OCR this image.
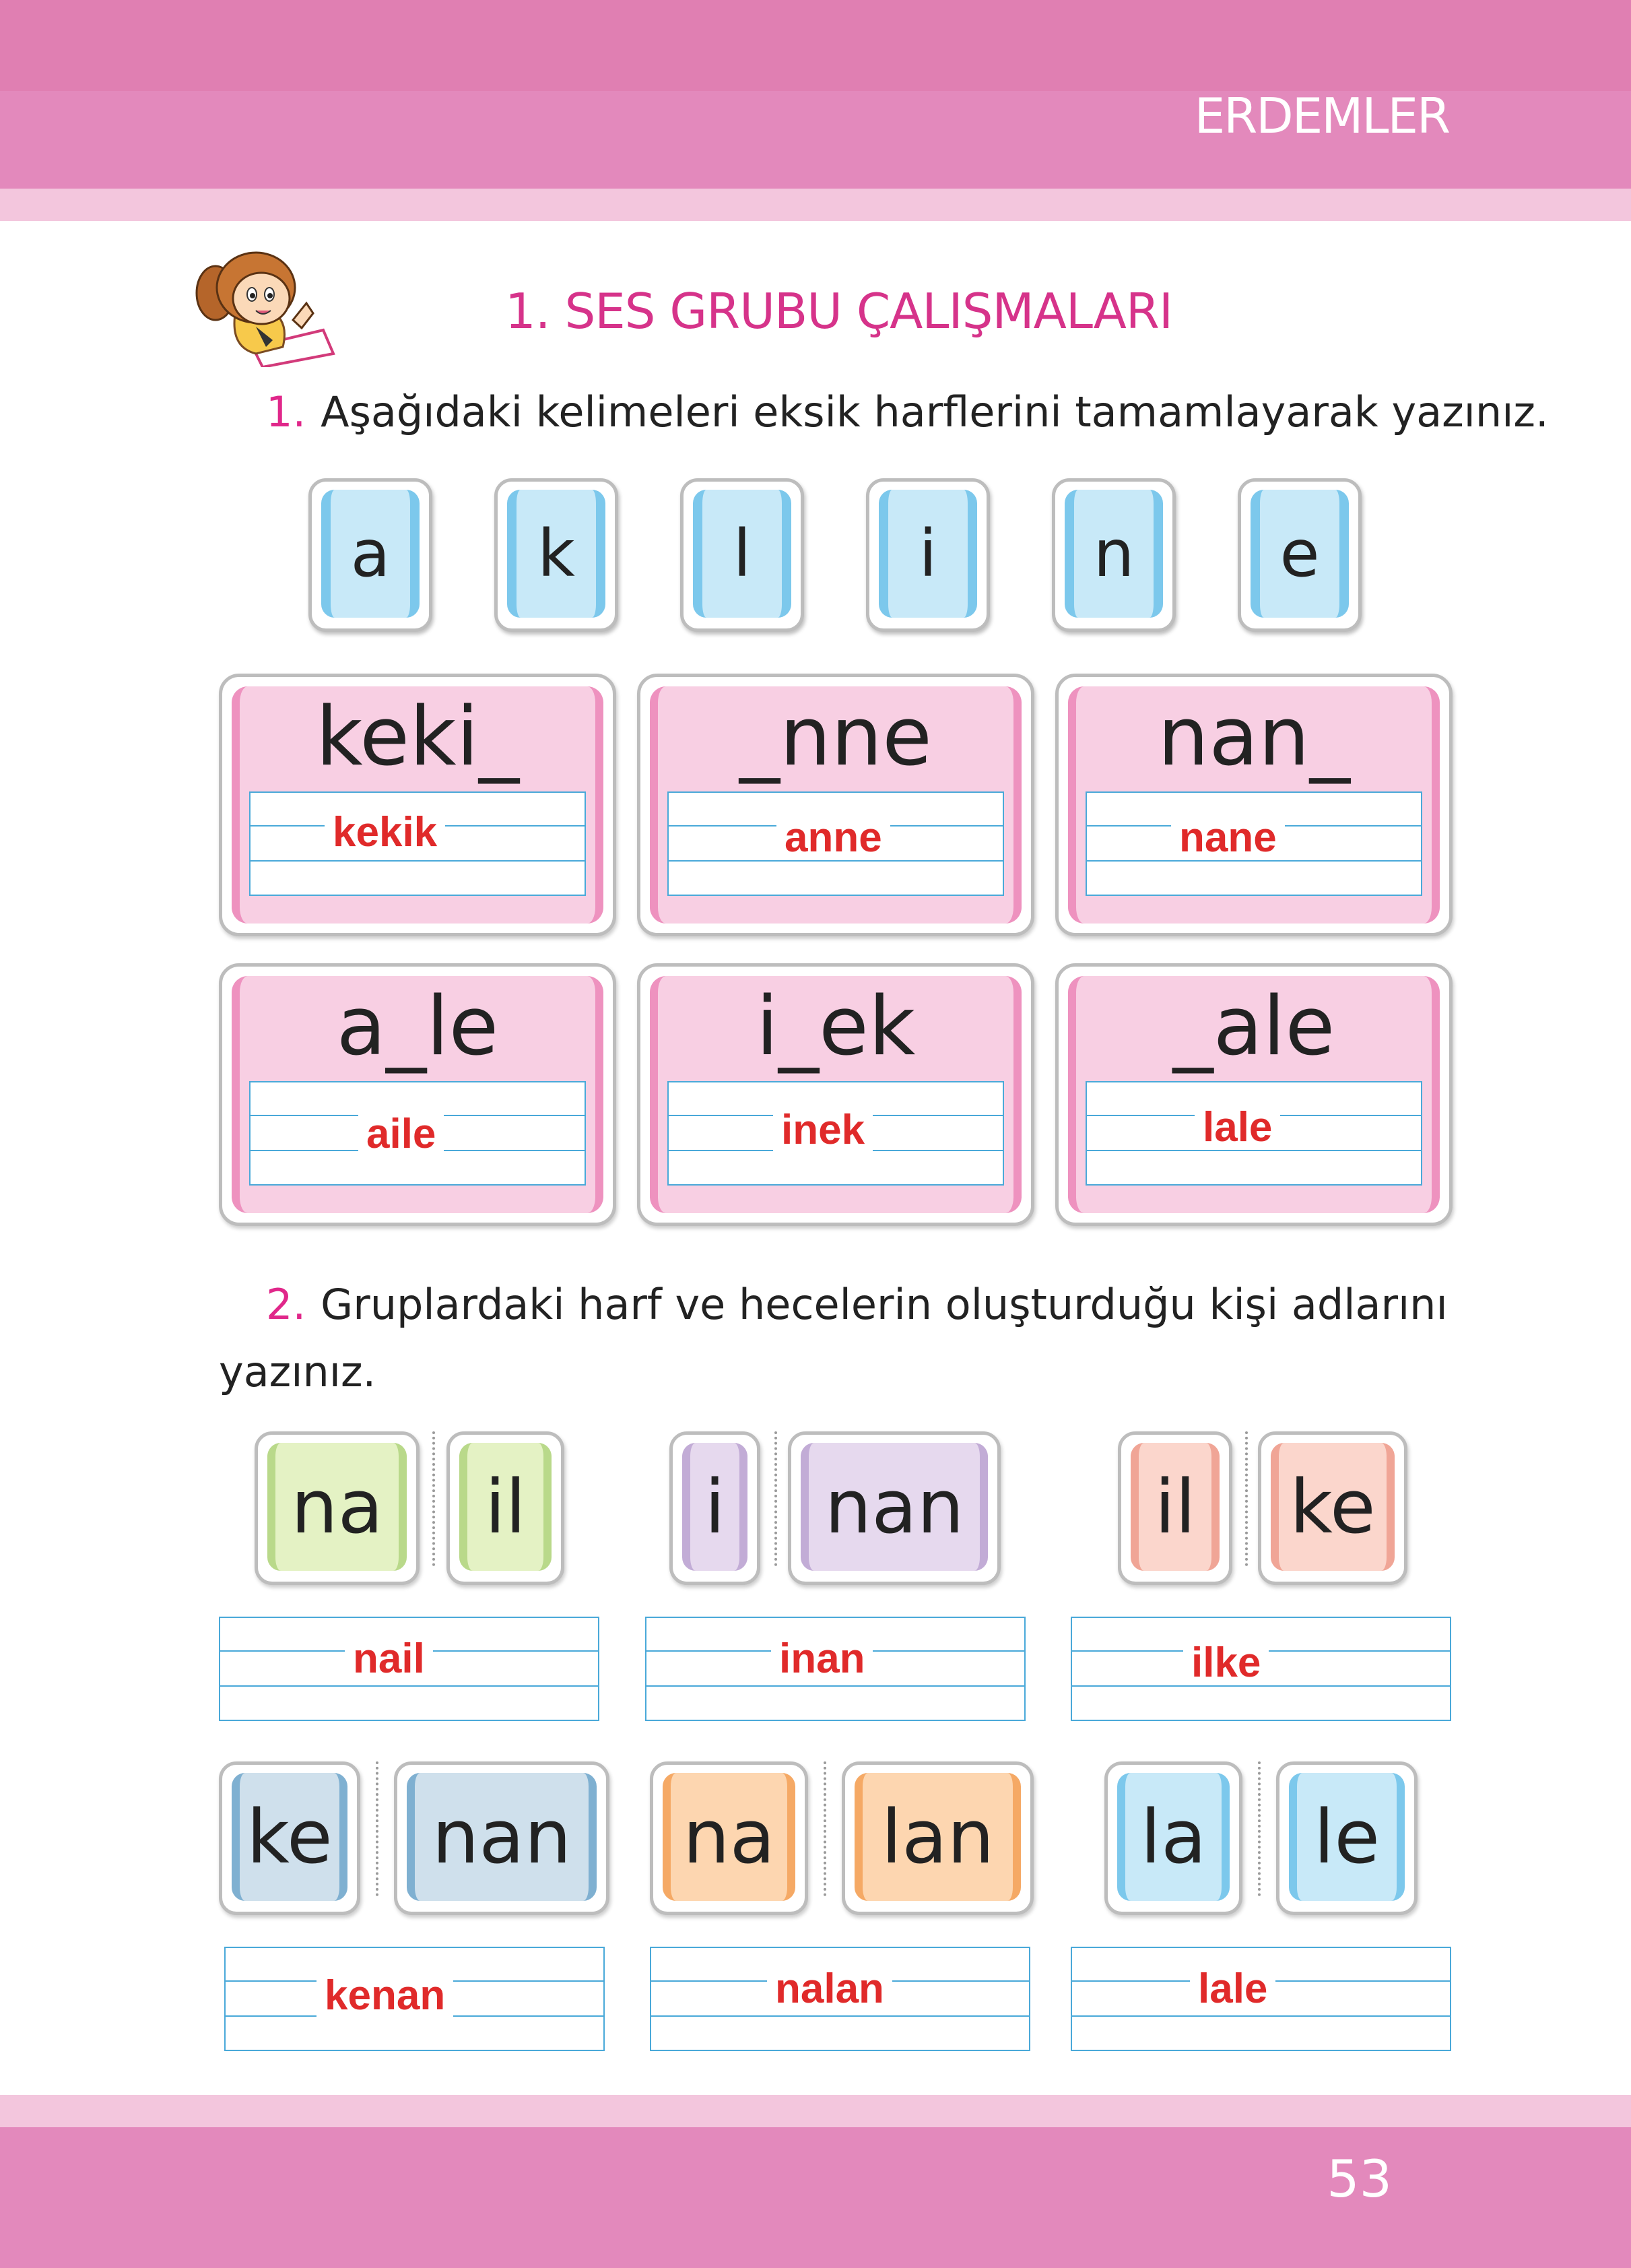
ERDEMLER
1. SES GRUBU ÇALIŞMALARI
1. Aşağıdaki kelimeleri eksik harflerini tamamlayarak yazınız.
a	k	l	i	n	e
keki_
kekik
_nne
anne
nan_
nane
a_le
aile
i_ek
inek
_ale
lale
2. Gruplardaki harf ve hecelerin oluşturduğu kişi adlarını
yazınız.
na	il	i	nan	il	ke
nail	inan	ilke
ke	nan	na	lan	la	le
kenan	nalan	lale
53
